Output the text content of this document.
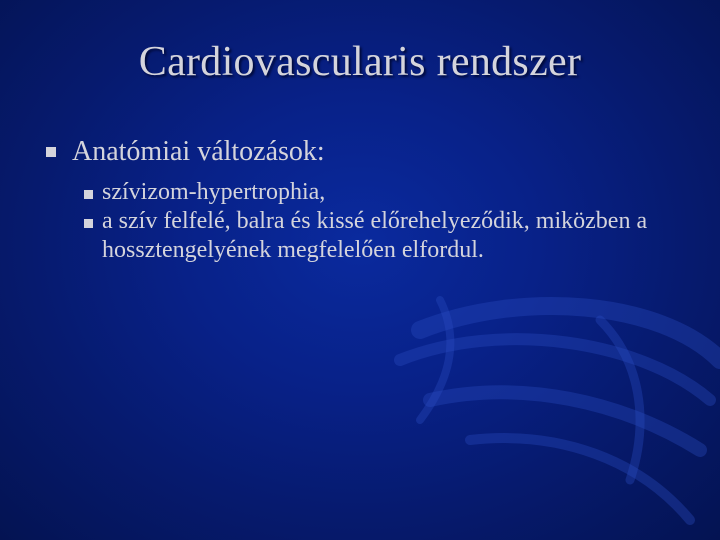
Cardiovascularis rendszer
Anatómiai változások:
szívizom-hypertrophia,
a szív felfelé, balra és kissé előrehelyeződik, miközben a hossztengelyének megfelelően elfordul.
